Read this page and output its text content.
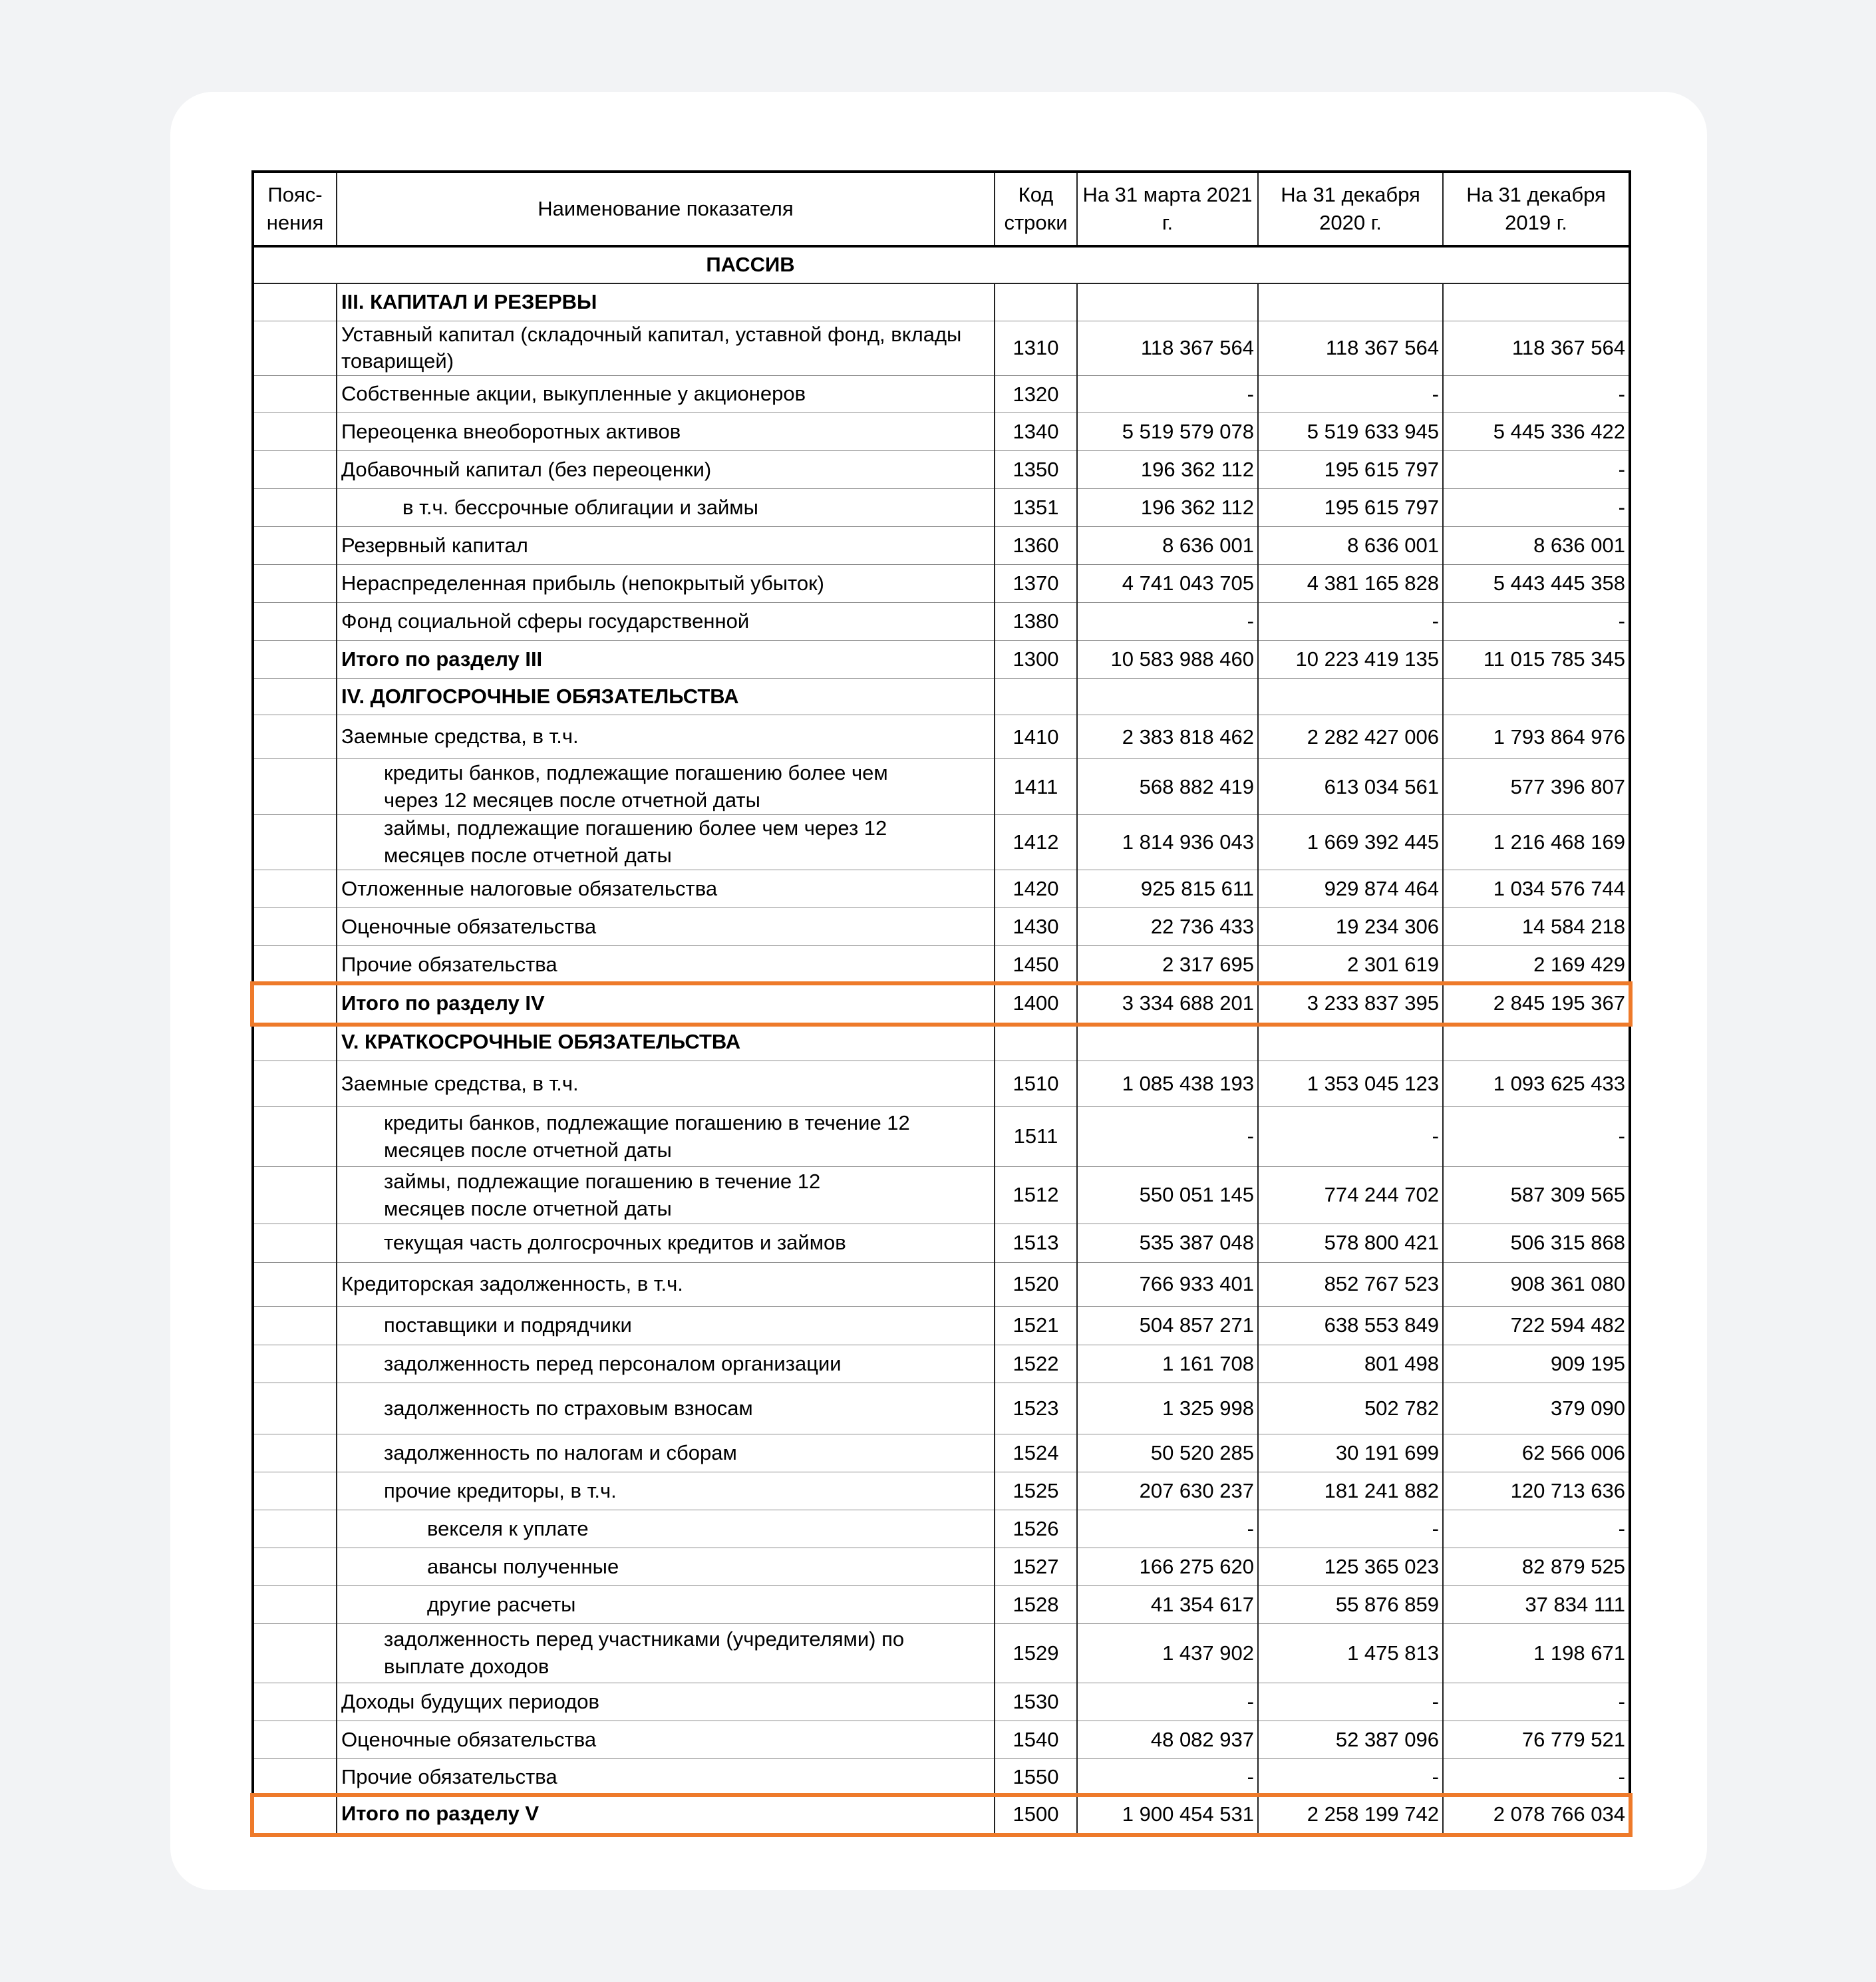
Пояс-нения	Наименование показателя	Код строки	На 31 марта 2021 г.	На 31 декабря 2020 г.	На 31 декабря 2019 г.
ПАССИВ					
	III. КАПИТАЛ И РЕЗЕРВЫ				
	Уставный капитал (складочный капитал, уставной фонд, вклады товарищей)	1310	118 367 564	118 367 564	118 367 564
	Собственные акции, выкупленные у акционеров	1320	-	-	-
	Переоценка внеоборотных активов	1340	5 519 579 078	5 519 633 945	5 445 336 422
	Добавочный капитал (без переоценки)	1350	196 362 112	195 615 797	-
	в т.ч. бессрочные облигации и займы	1351	196 362 112	195 615 797	-
	Резервный капитал	1360	8 636 001	8 636 001	8 636 001
	Нераспределенная прибыль (непокрытый убыток)	1370	4 741 043 705	4 381 165 828	5 443 445 358
	Фонд социальной сферы государственной	1380	-	-	-
	Итого по разделу III	1300	10 583 988 460	10 223 419 135	11 015 785 345
	IV. ДОЛГОСРОЧНЫЕ ОБЯЗАТЕЛЬСТВА				
	Заемные средства, в т.ч.	1410	2 383 818 462	2 282 427 006	1 793 864 976
	кредиты банков, подлежащие погашению более чем через 12 месяцев после отчетной даты	1411	568 882 419	613 034 561	577 396 807
	займы, подлежащие погашению более чем через 12 месяцев после отчетной даты	1412	1 814 936 043	1 669 392 445	1 216 468 169
	Отложенные налоговые обязательства	1420	925 815 611	929 874 464	1 034 576 744
	Оценочные обязательства	1430	22 736 433	19 234 306	14 584 218
	Прочие обязательства	1450	2 317 695	2 301 619	2 169 429
	Итого по разделу IV	1400	3 334 688 201	3 233 837 395	2 845 195 367
	V. КРАТКОСРОЧНЫЕ ОБЯЗАТЕЛЬСТВА				
	Заемные средства, в т.ч.	1510	1 085 438 193	1 353 045 123	1 093 625 433
	кредиты банков, подлежащие погашению в течение 12 месяцев после отчетной даты	1511	-	-	-
	займы, подлежащие погашению в течение 12 месяцев после отчетной даты	1512	550 051 145	774 244 702	587 309 565
	текущая часть долгосрочных кредитов и займов	1513	535 387 048	578 800 421	506 315 868
	Кредиторская задолженность, в т.ч.	1520	766 933 401	852 767 523	908 361 080
	поставщики и подрядчики	1521	504 857 271	638 553 849	722 594 482
	задолженность перед персоналом организации	1522	1 161 708	801 498	909 195
	задолженность по страховым взносам	1523	1 325 998	502 782	379 090
	задолженность по налогам и сборам	1524	50 520 285	30 191 699	62 566 006
	прочие кредиторы, в т.ч.	1525	207 630 237	181 241 882	120 713 636
	векселя к уплате	1526	-	-	-
	авансы полученные	1527	166 275 620	125 365 023	82 879 525
	другие расчеты	1528	41 354 617	55 876 859	37 834 111
	задолженность перед участниками (учредителями) по выплате доходов	1529	1 437 902	1 475 813	1 198 671
	Доходы будущих периодов	1530	-	-	-
	Оценочные обязательства	1540	48 082 937	52 387 096	76 779 521
	Прочие обязательства	1550	-	-	-
	Итого по разделу V	1500	1 900 454 531	2 258 199 742	2 078 766 034
